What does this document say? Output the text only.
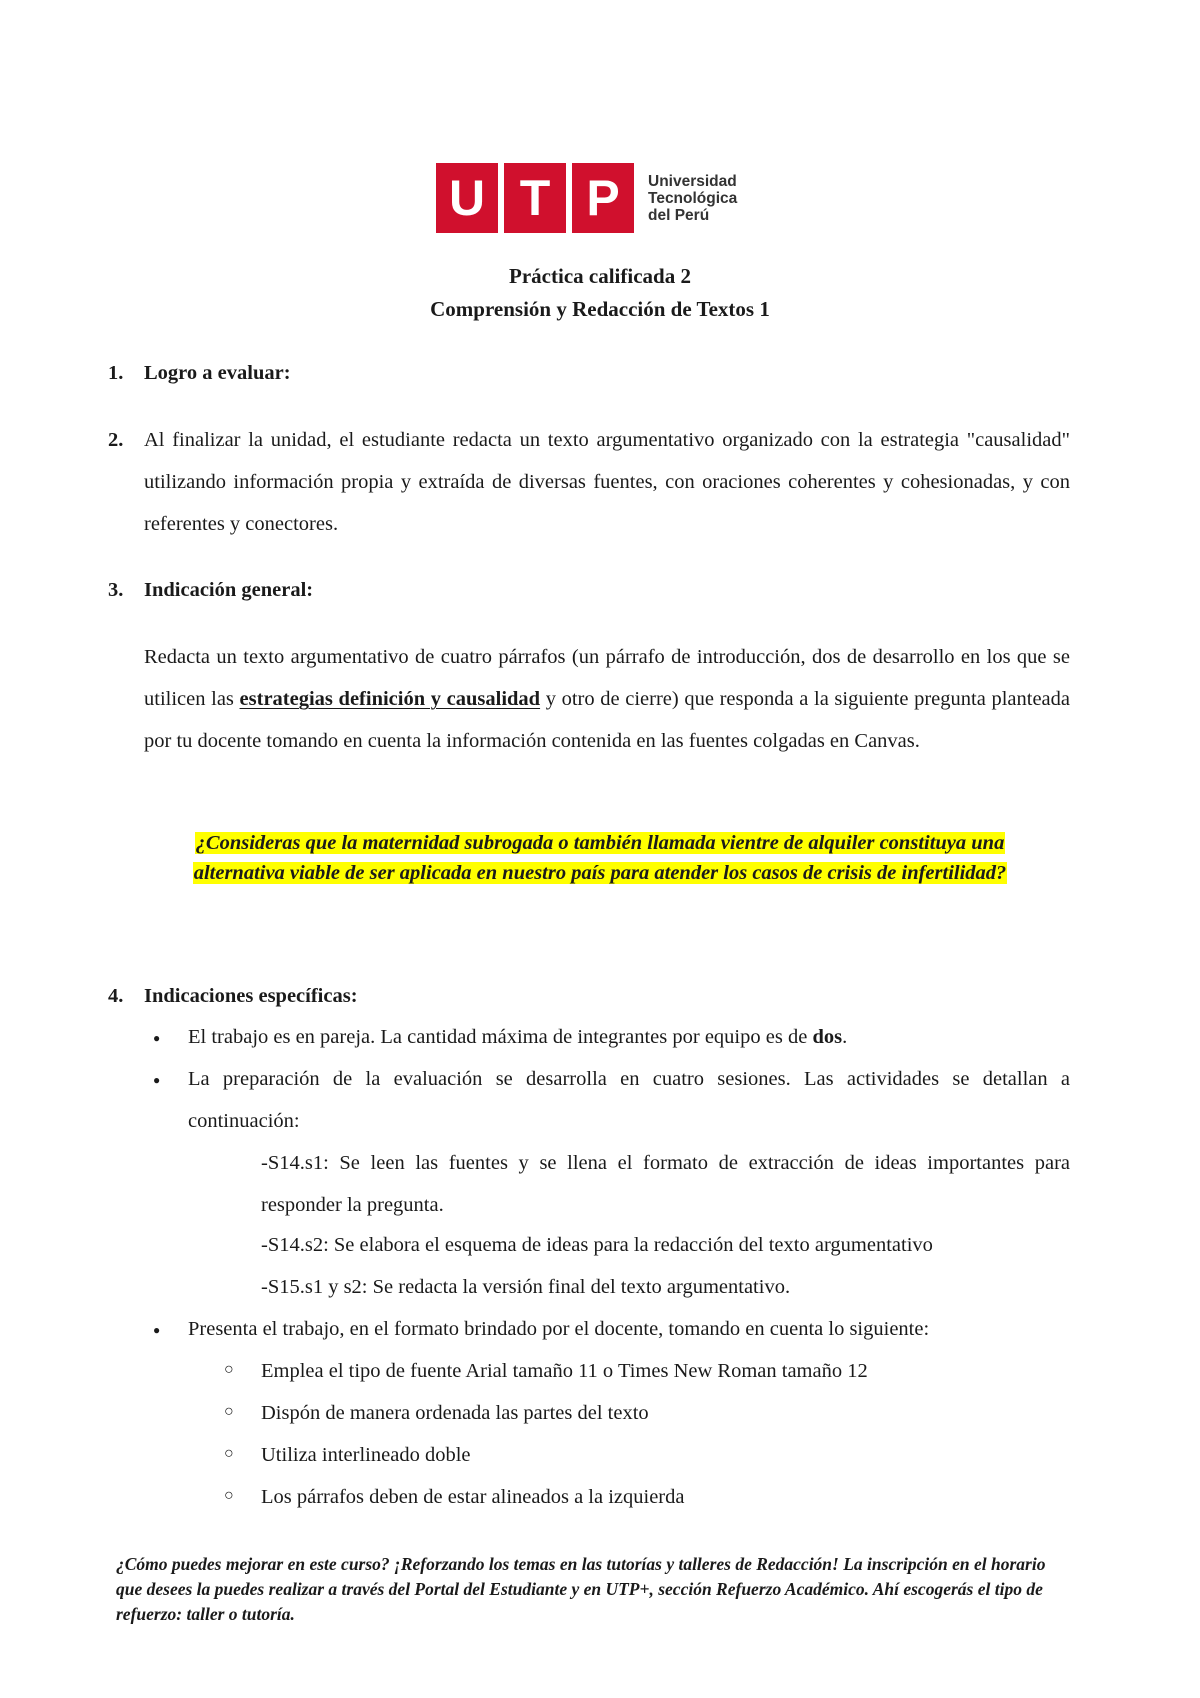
U T P Universidad
Tecnológica
del Perú
Práctica calificada 2
Comprensión y Redacción de Textos 1
1. Logro a evaluar:
2. Al finalizar la unidad, el estudiante redacta un texto argumentativo organizado con la estrategia "causalidad" utilizando información propia y extraída de diversas fuentes, con oraciones coherentes y cohesionadas, y con referentes y conectores.
3. Indicación general:
Redacta un texto argumentativo de cuatro párrafos (un párrafo de introducción, dos de desarrollo en los que se utilicen las estrategias definición y causalidad y otro de cierre) que responda a la siguiente pregunta planteada por tu docente tomando en cuenta la información contenida en las fuentes colgadas en Canvas.
¿Consideras que la maternidad subrogada o también llamada vientre de alquiler constituya una alternativa viable de ser aplicada en nuestro país para atender los casos de crisis de infertilidad?
4. Indicaciones específicas:
● El trabajo es en pareja. La cantidad máxima de integrantes por equipo es de dos.
● La preparación de la evaluación se desarrolla en cuatro sesiones. Las actividades se detallan a continuación:
-S14.s1: Se leen las fuentes y se llena el formato de extracción de ideas importantes para responder la pregunta.
-S14.s2: Se elabora el esquema de ideas para la redacción del texto argumentativo
-S15.s1 y s2: Se redacta la versión final del texto argumentativo.
● Presenta el trabajo, en el formato brindado por el docente, tomando en cuenta lo siguiente:
○ Emplea el tipo de fuente Arial tamaño 11 o Times New Roman tamaño 12
○ Dispón de manera ordenada las partes del texto
○ Utiliza interlineado doble
○ Los párrafos deben de estar alineados a la izquierda
¿Cómo puedes mejorar en este curso? ¡Reforzando los temas en las tutorías y talleres de Redacción! La inscripción en el horario que desees la puedes realizar a través del Portal del Estudiante y en UTP+, sección Refuerzo Académico. Ahí escogerás el tipo de refuerzo: taller o tutoría.
